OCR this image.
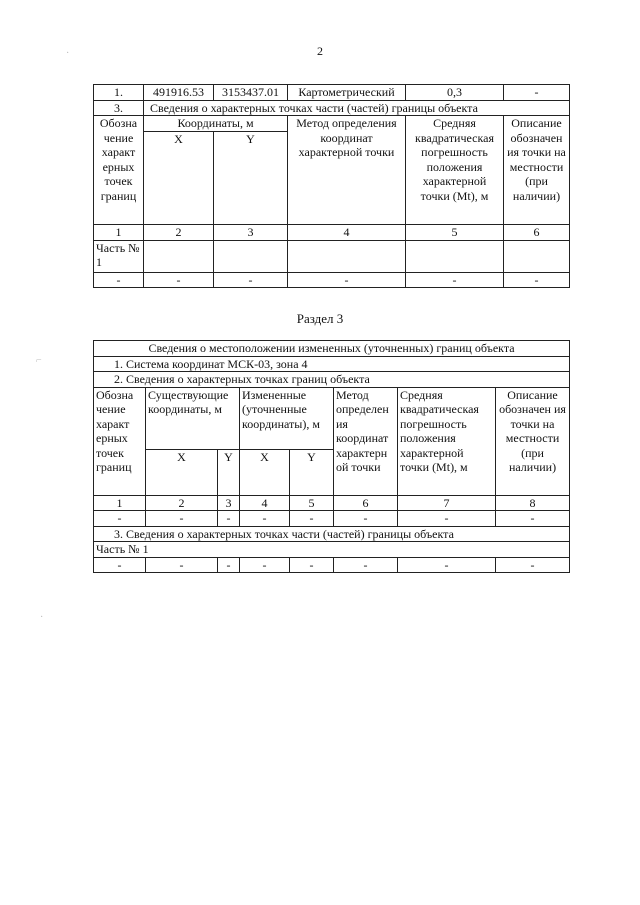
2
1.	491916.53	3153437.01	Картометрический	0,3	-
3.	Сведения о характерных точках части (частей) границы объекта				
Обозна чение характ ерных точек границ	Координаты, м		Метод определения координат характерной точки	Средняя квадратическая погрешность положения характерной точки (Mt), м	Описание обозначен ия точки на местности (при наличии)
	X	Y			
1	2	3	4	5	6
Часть № 1					
-	-	-	-	-	-
Раздел 3
Сведения о местоположении измененных (уточненных) границ объекта							
1. Система координат МСК-03, зона 4							
2. Сведения о характерных точках границ объекта							
Обозна чение характ ерных точек границ	Существующие координаты, м		Измененные (уточненные координаты), м		Метод определен ия координат характерн ой точки	Средняя квадратическая погрешность положения характерной точки (Mt), м	Описание обозначен ия точки на местности (при наличии)
	X	Y	X	Y			
1	2	3	4	5	6	7	8
-	-	-	-	-	-	-	-
3. Сведения о характерных точках части (частей) границы объекта							
Часть № 1							
-	-	-	-	-	-	-	-
·
⌐
·
